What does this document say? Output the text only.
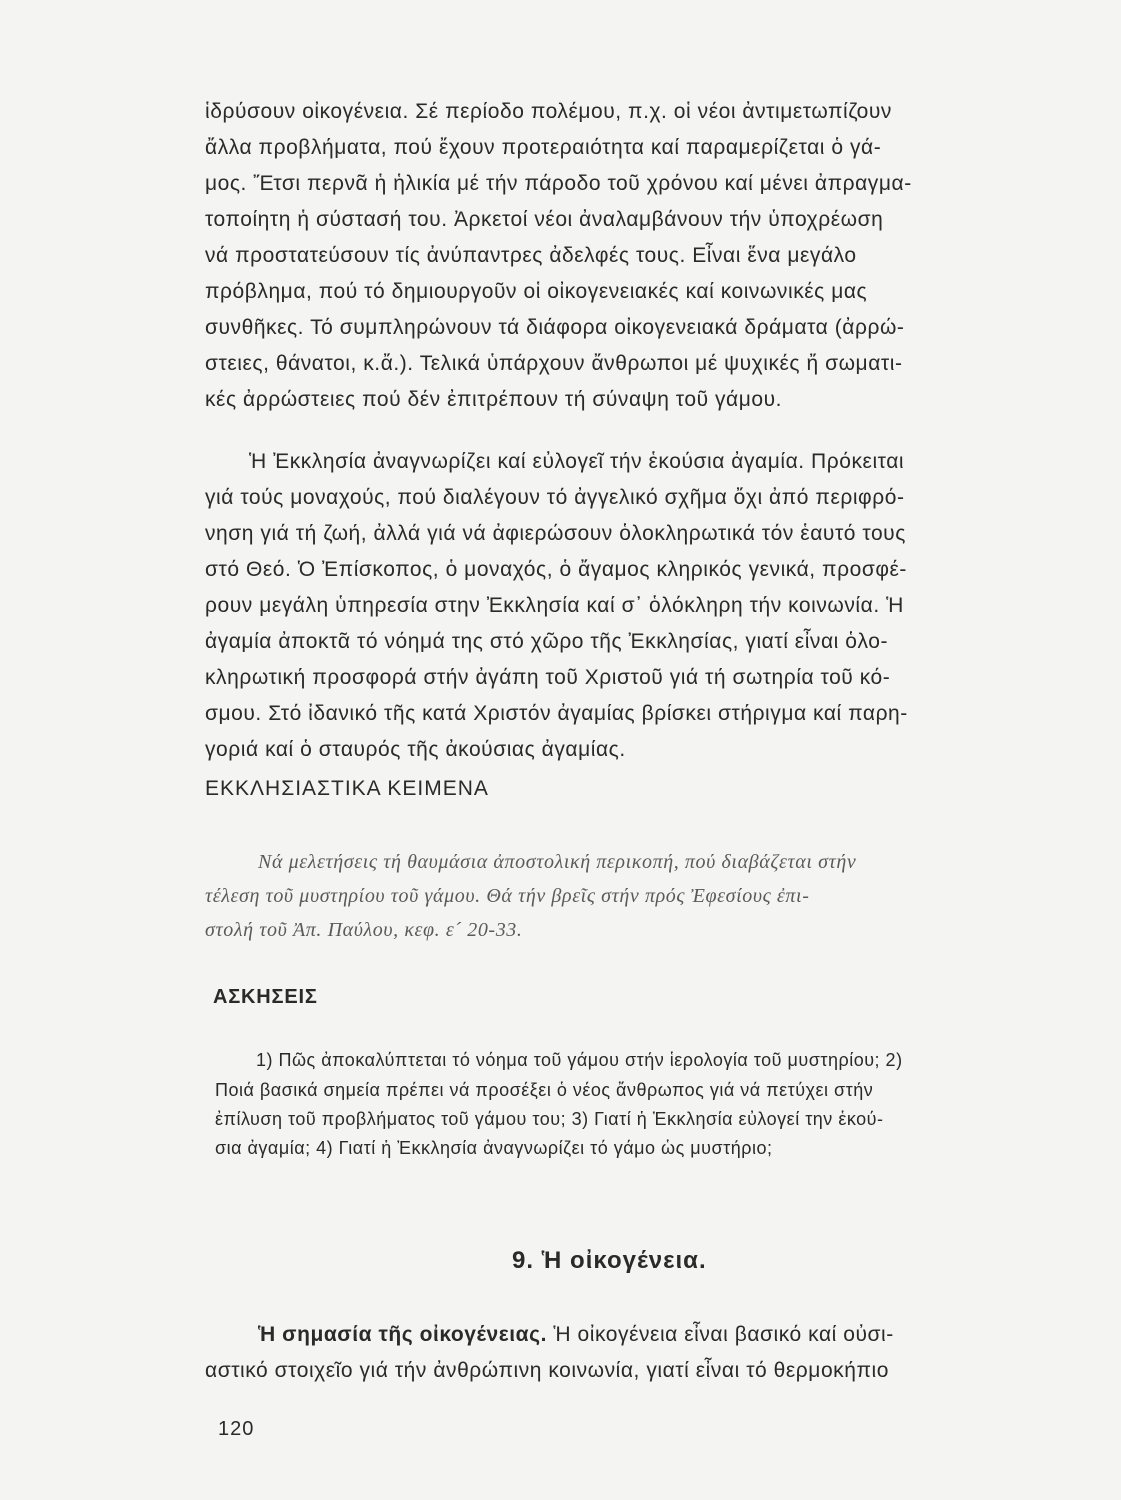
ἱδρύσουν οἰκογένεια. Σέ περίοδο πολέμου, π.χ. οἱ νέοι ἀντιμετωπίζουν
ἄλλα προβλήματα, πού ἔχουν προτεραιότητα καί παραμερίζεται ὁ γά-
μος. Ἔτσι περνᾶ ἡ ἡλικία μέ τήν πάροδο τοῦ χρόνου καί μένει ἀπραγμα-
τοποίητη ἡ σύστασή του. Ἀρκετοί νέοι ἀναλαμβάνουν τήν ὑποχρέωση
νά προστατεύσουν τίς ἀνύπαντρες ἀδελφές τους. Εἶναι ἕνα μεγάλο
πρόβλημα, πού τό δημιουργοῦν οἱ οἰκογενειακές καί κοινωνικές μας
συνθῆκες. Τό συμπληρώνουν τά διάφορα οἰκογενειακά δράματα (ἀρρώ-
στειες, θάνατοι, κ.ἄ.). Τελικά ὑπάρχουν ἄνθρωποι μέ ψυχικές ἤ σωματι-
κές ἀρρώστειες πού δέν ἐπιτρέπουν τή σύναψη τοῦ γάμου.
Ἡ Ἐκκλησία ἀναγνωρίζει καί εὐλογεῖ τήν ἑκούσια ἀγαμία. Πρόκειται
γιά τούς μοναχούς, πού διαλέγουν τό ἀγγελικό σχῆμα ὄχι ἀπό περιφρό-
νηση γιά τή ζωή, ἀλλά γιά νά ἀφιερώσουν ὁλοκληρωτικά τόν ἑαυτό τους
στό Θεό. Ὁ Ἐπίσκοπος, ὁ μοναχός, ὁ ἄγαμος κληρικός γενικά, προσφέ-
ρουν μεγάλη ὑπηρεσία στην Ἐκκλησία καί σ᾿ ὁλόκληρη τήν κοινωνία. Ἡ
ἀγαμία ἀποκτᾶ τό νόημά της στό χῶρο τῆς Ἐκκλησίας, γιατί εἶναι ὁλο-
κληρωτική προσφορά στήν ἀγάπη τοῦ Χριστοῦ γιά τή σωτηρία τοῦ κό-
σμου. Στό ἰδανικό τῆς κατά Χριστόν ἀγαμίας βρίσκει στήριγμα καί παρη-
γοριά καί ὁ σταυρός τῆς ἀκούσιας ἀγαμίας.
ΕΚΚΛΗΣΙΑΣΤΙΚΑ ΚΕΙΜΕΝΑ
Νά μελετήσεις τή θαυμάσια ἀποστολική περικοπή, πού διαβάζεται στήν
τέλεση τοῦ μυστηρίου τοῦ γάμου. Θά τήν βρεῖς στήν πρός Ἐφεσίους ἐπι-
στολή τοῦ Ἀπ. Παύλου, κεφ. ε´ 20-33.
ΑΣΚΗΣΕΙΣ
1) Πῶς ἀποκαλύπτεται τό νόημα τοῦ γάμου στήν ἱερολογία τοῦ μυστηρίου; 2)
Ποιά βασικά σημεία πρέπει νά προσέξει ὁ νέος ἄνθρωπος γιά νά πετύχει στήν
ἐπίλυση τοῦ προβλήματος τοῦ γάμου του; 3) Γιατί ἡ Ἐκκλησία εὐλογεί την ἑκού-
σια ἀγαμία; 4) Γιατί ἡ Ἐκκλησία ἀναγνωρίζει τό γάμο ὡς μυστήριο;
9. Ἡ οἰκογένεια.
Ἡ σημασία τῆς οἰκογένειας. Ἡ οἰκογένεια εἶναι βασικό καί οὐσι-
αστικό στοιχεῖο γιά τήν ἀνθρώπινη κοινωνία, γιατί εἶναι τό θερμοκήπιο
120
